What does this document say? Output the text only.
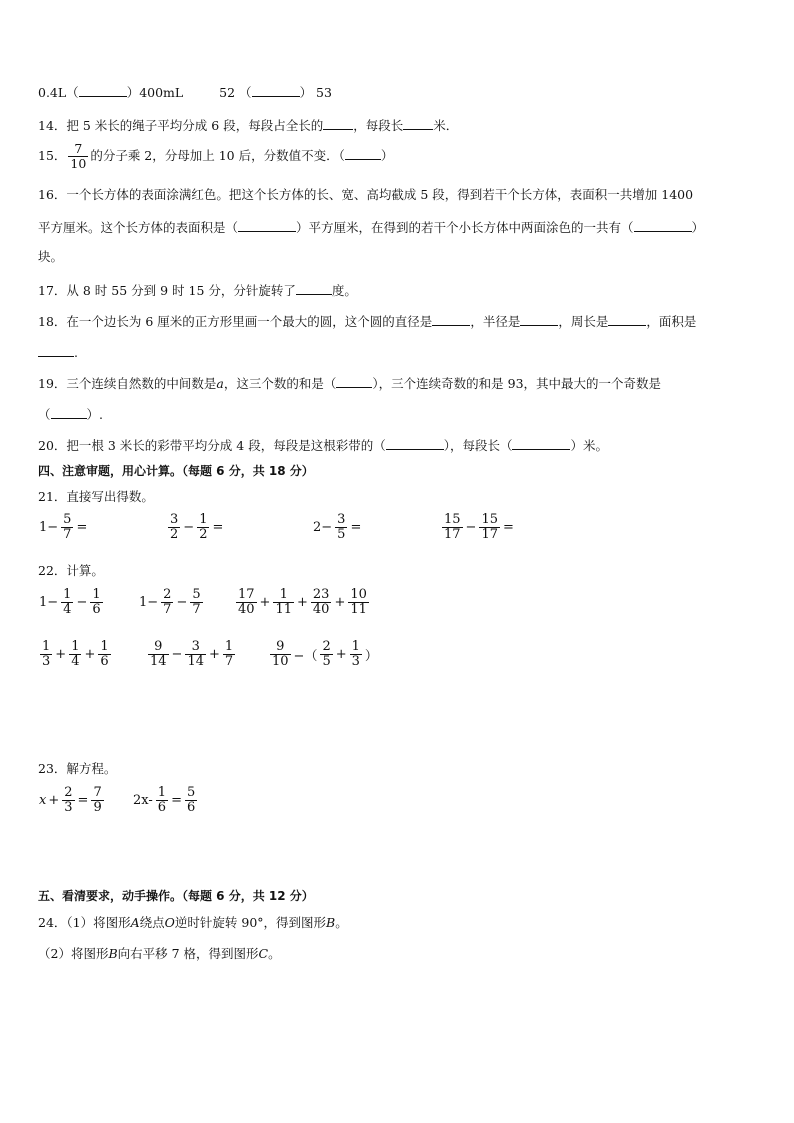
0.4L（	）400mL	52 （	） 53
14．把 5 米长的绳子平均分成 6 段，每段占全长的 ，每段长 米．
15． $\frac{7}{10}$ 的分子乘 2，分母加上 10 后，分数值不变．（	）
16．一个长方体的表面涂满红色。把这个长方体的长、宽、高均截成 5 段，得到若干个长方体，表面积一共增加 1400
平方厘米。这个长方体的表面积是（	）平方厘米，在得到的若干个小长方体中两面涂色的一共有（	）
块。
17．从 8 时 55 分到 9 时 15 分，分针旋转了	度。
18．在一个边长为 6 厘米的正方形里画一个最大的圆，这个圆的直径是	，半径是	，周长是	，面积是
.
19．三个连续自然数的中间数是a，这三个数的和是（	），三个连续奇数的和是 93，其中最大的一个奇数是
（	）.
20．把一根 3 米长的彩带平均分成 4 段，每段是这根彩带的（	），每段长（	）米。
四、注意审题，用心计算。（每题 6 分，共 18 分）
21．直接写出得数。
$1- \frac{5}{7}$ =	$\frac{3}{2} - \frac{1}{2}$ =	$2- \frac{3}{5}$ =	$\frac{15}{17} - \frac{15}{17}$ =
22．计算。
$1- \frac{1}{4} - \frac{1}{6}$	$1- \frac{2}{7} - \frac{5}{7}$	$\frac{17}{40} + \frac{1}{11} + \frac{23}{40} + \frac{10}{11}$
$\frac{1}{3} + \frac{1}{4} + \frac{1}{6}$	$\frac{9}{14} - \frac{3}{14} + \frac{1}{7}$	$\frac{9}{10}$ −（ $\frac{2}{5} + \frac{1}{3}$ ）
23．解方程。
$x + \frac{2}{3} = \frac{7}{9} 2x- \frac{1}{6} = \frac{5}{6}$
五、看清要求，动手操作。（每题 6 分，共 12 分）
24．（1）将图形A绕点O逆时针旋转 90°，得到图形B。
（2）将图形B向右平移 7 格，得到图形C。
